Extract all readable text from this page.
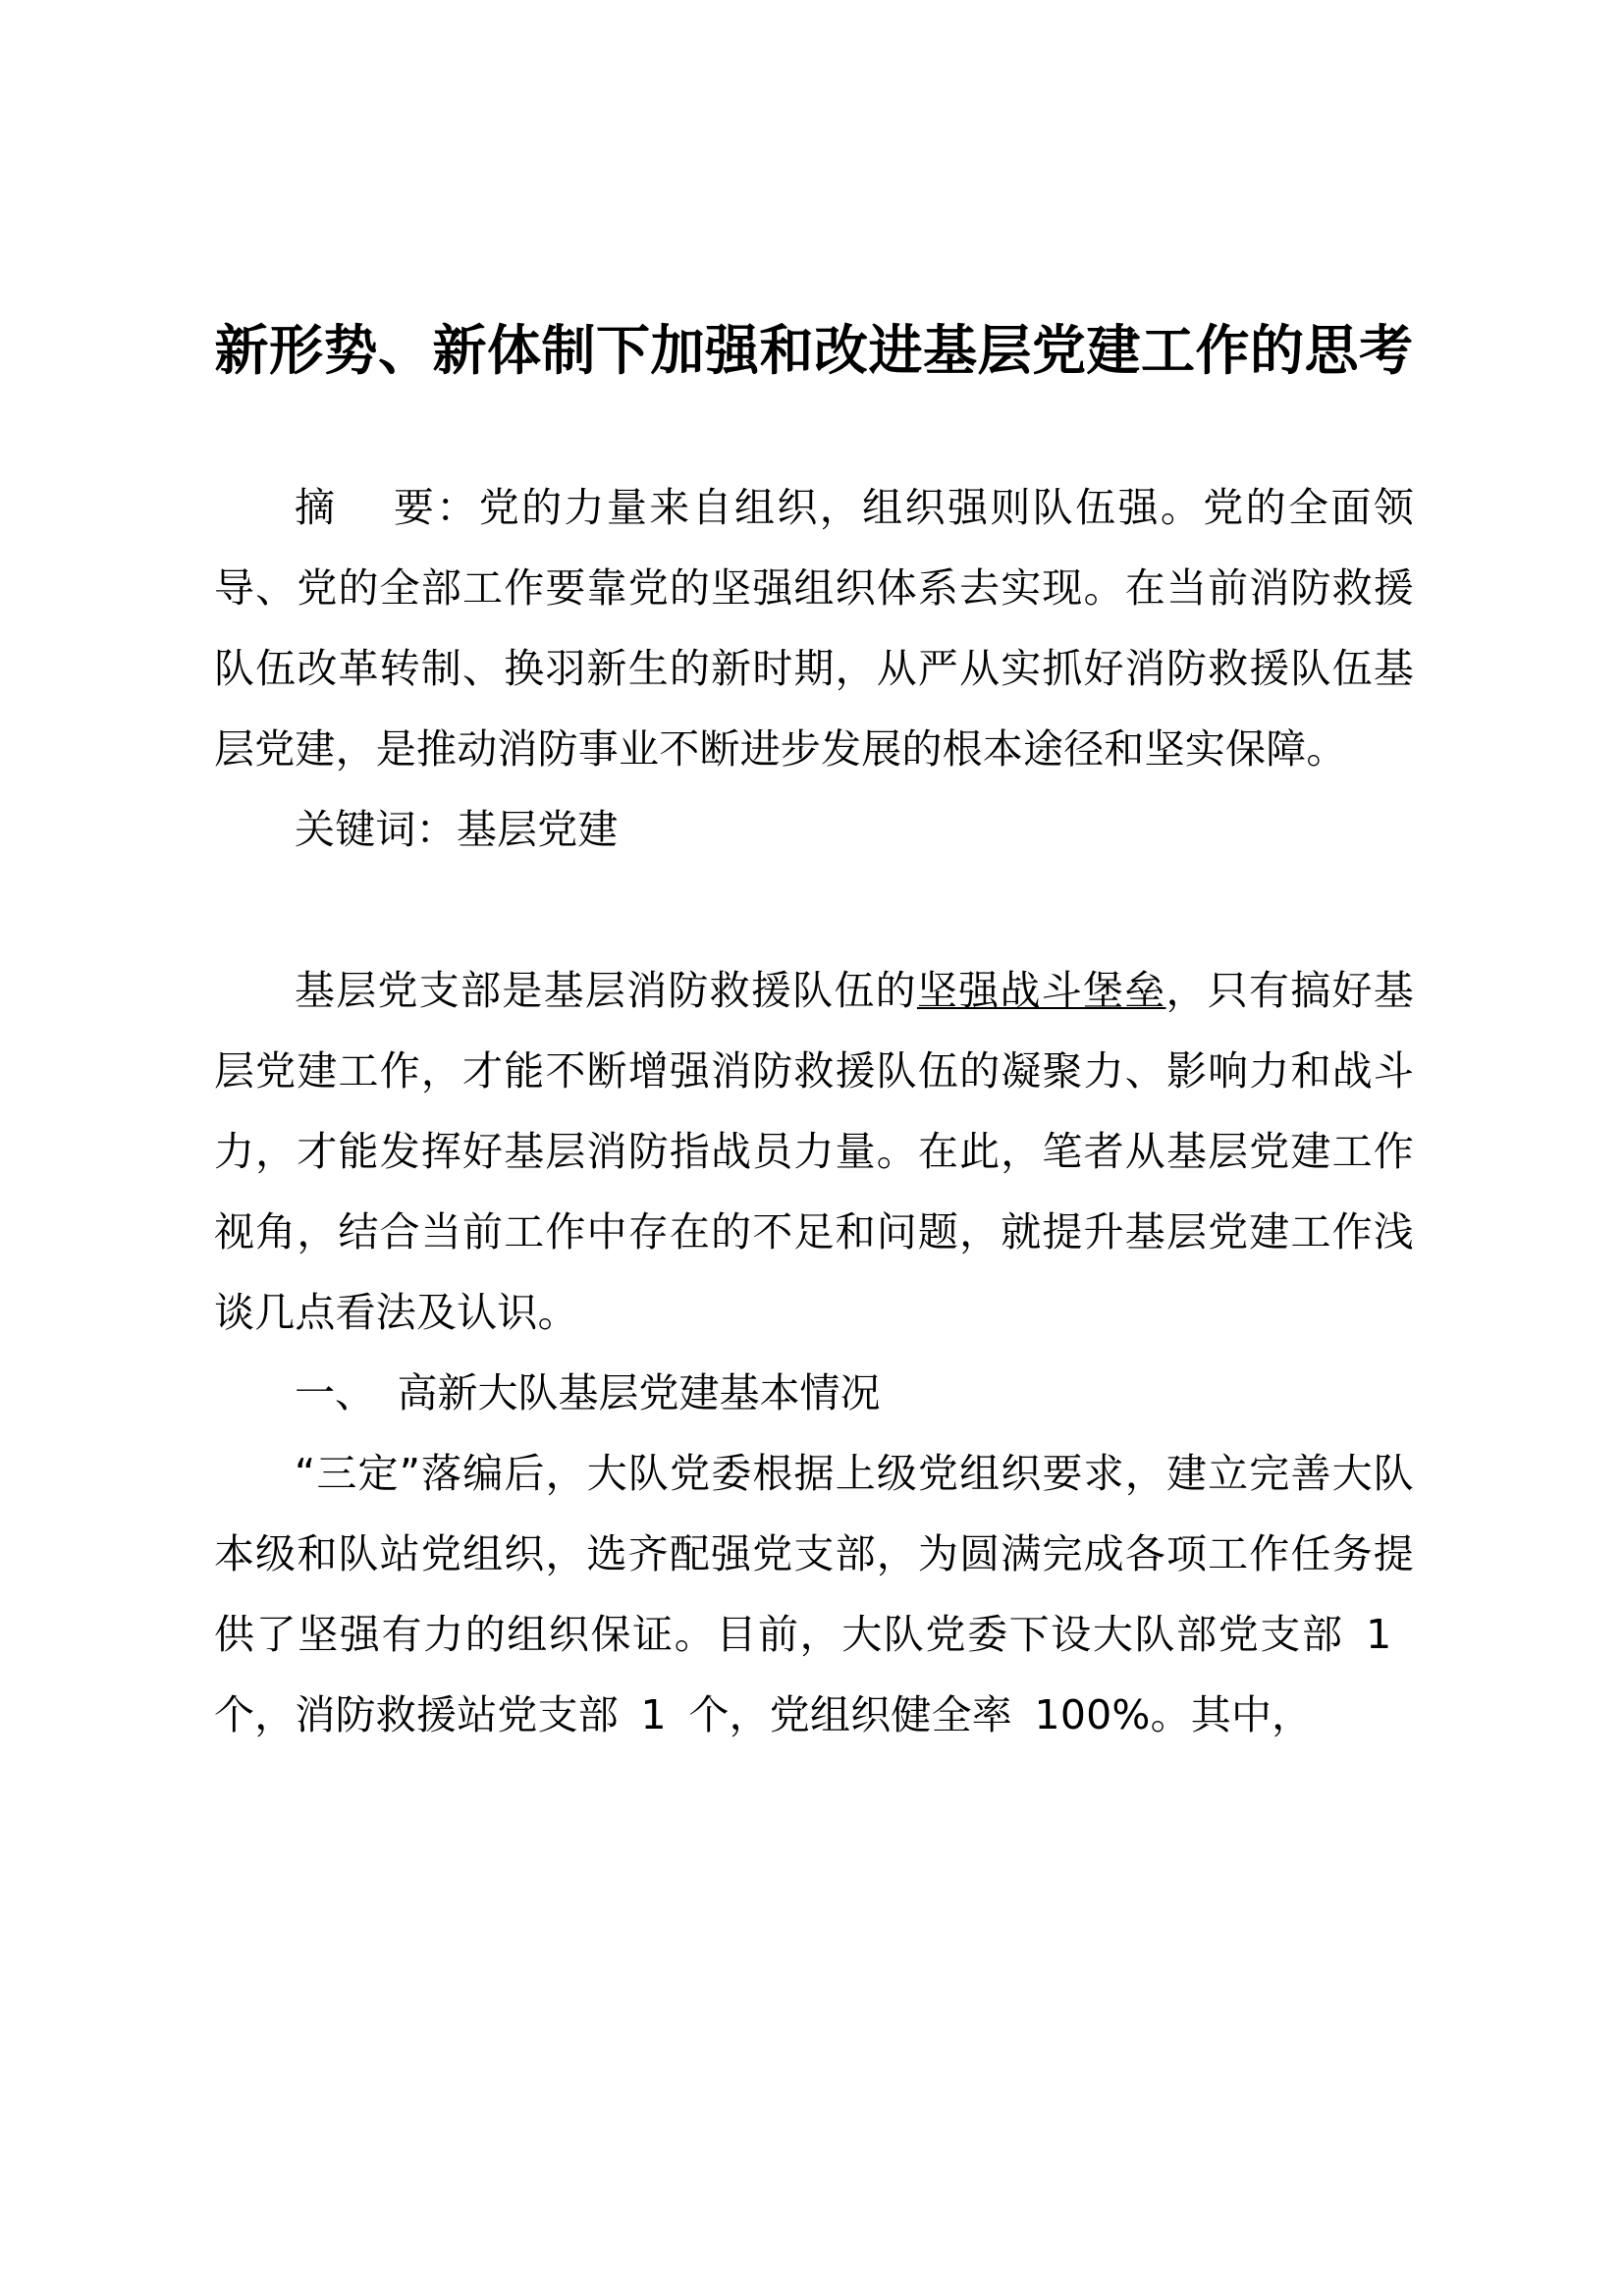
新形势、新体制下加强和改进基层党建工作的思考

摘 要：党的力量来自组织，组织强则队伍强。党的全面领导、党的全部工作要靠党的坚强组织体系去实现。在当前消防救援队伍改革转制、换羽新生的新时期，从严从实抓好消防救援队伍基层党建，是推动消防事业不断进步发展的根本途径和坚实保障。

关键词：基层党建

基层党支部是基层消防救援队伍的坚强战斗堡垒，只有搞好基层党建工作，才能不断增强消防救援队伍的凝聚力、影响力和战斗力，才能发挥好基层消防指战员力量。在此，笔者从基层党建工作视角，结合当前工作中存在的不足和问题，就提升基层党建工作浅谈几点看法及认识。

一、 高新大队基层党建基本情况

“三定”落编后，大队党委根据上级党组织要求，建立完善大队本级和队站党组织，选齐配强党支部，为圆满完成各项工作任务提供了坚强有力的组织保证。目前，大队党委下设大队部党支部 1个，消防救援站党支部 1 个，党组织健全率 100%。其中，
